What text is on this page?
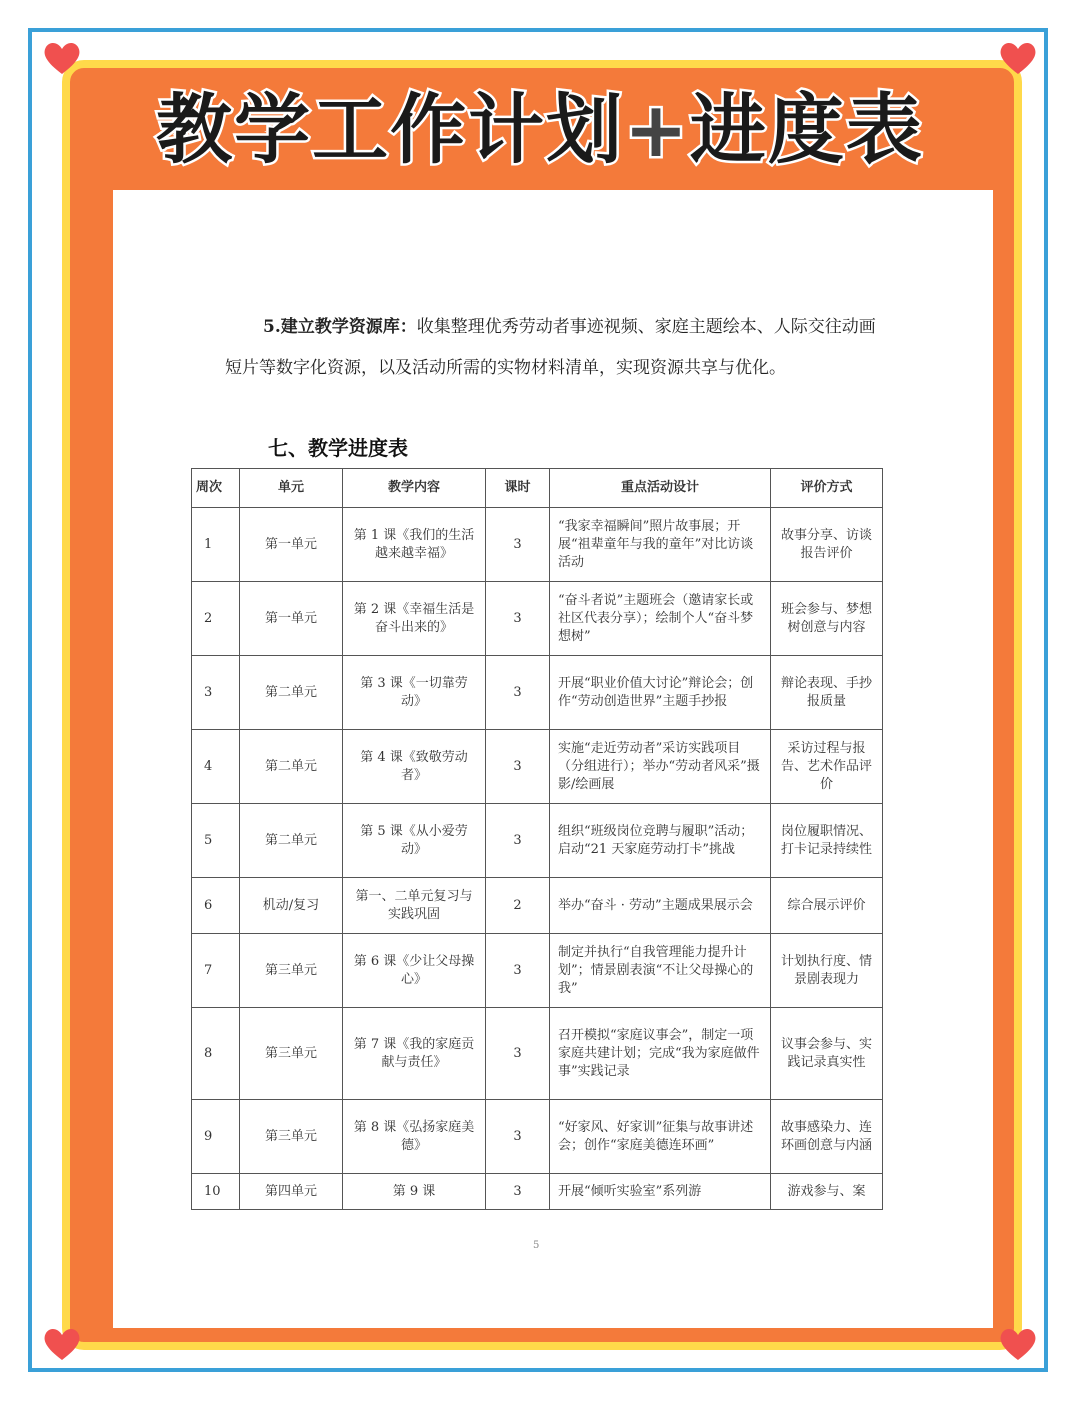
教学工作计划+进度表
5.建立教学资源库：收集整理优秀劳动者事迹视频、家庭主题绘本、人际交往动画短片等数字化资源，以及活动所需的实物材料清单，实现资源共享与优化。
七、教学进度表
周次	单元	教学内容	课时	重点活动设计	评价方式
1	第一单元	第 1 课《我们的生活越来越幸福》	3	“我家幸福瞬间”照片故事展；开展“祖辈童年与我的童年”对比访谈活动	故事分享、访谈报告评价
2	第一单元	第 2 课《幸福生活是奋斗出来的》	3	“奋斗者说”主题班会（邀请家长或社区代表分享）；绘制个人“奋斗梦想树”	班会参与、梦想树创意与内容
3	第二单元	第 3 课《一切靠劳动》	3	开展“职业价值大讨论”辩论会；创作“劳动创造世界”主题手抄报	辩论表现、手抄报质量
4	第二单元	第 4 课《致敬劳动者》	3	实施“走近劳动者”采访实践项目（分组进行）；举办“劳动者风采”摄影/绘画展	采访过程与报告、艺术作品评价
5	第二单元	第 5 课《从小爱劳动》	3	组织“班级岗位竞聘与履职”活动；启动“21 天家庭劳动打卡”挑战	岗位履职情况、打卡记录持续性
6	机动/复习	第一、二单元复习与实践巩固	2	举办“奋斗 · 劳动”主题成果展示会	综合展示评价
7	第三单元	第 6 课《少让父母操心》	3	制定并执行“自我管理能力提升计划”；情景剧表演“不让父母操心的我”	计划执行度、情景剧表现力
8	第三单元	第 7 课《我的家庭贡献与责任》	3	召开模拟“家庭议事会”，制定一项家庭共建计划；完成“我为家庭做件事”实践记录	议事会参与、实践记录真实性
9	第三单元	第 8 课《弘扬家庭美德》	3	“好家风、好家训”征集与故事讲述会；创作“家庭美德连环画”	故事感染力、连环画创意与内涵
10	第四单元	第 9 课	3	开展“倾听实验室”系列游	游戏参与、案
5
